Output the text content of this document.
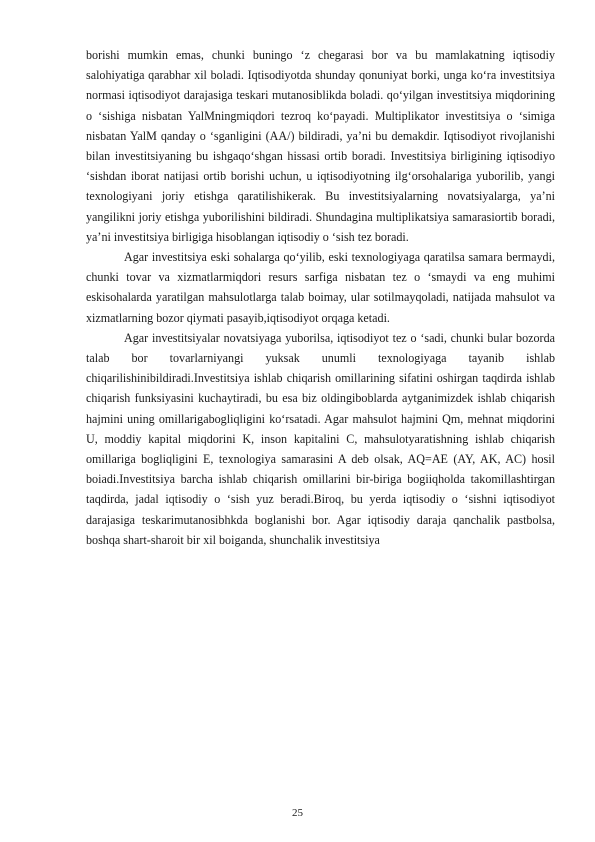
borishi mumkin emas, chunki buningo ‘z chegarasi bor va bu mamlakatning iqtisodiy salohiyatiga qarabhar xil boladi. Iqtisodiyotda shunday qonuniyat borki, unga ko‘ra investitsiya normasi iqtisodiyot darajasiga teskari mutanosiblikda boladi. qo‘yilgan investitsiya miqdorining o ‘sishiga nisbatan YalMningmiqdori tezroq ko‘payadi. Multiplikator investitsiya o ‘simiga nisbatan YalM qanday o ‘sganligini (AA/) bildiradi, ya’ni bu demakdir. Iqtisodiyot rivojlanishi bilan investitsiyaning bu ishgaqo‘shgan hissasi ortib boradi. Investitsiya birligining iqtisodiyo ‘sishdan iborat natijasi ortib borishi uchun, u iqtisodiyotning ilg‘orsohalariga yuborilib, yangi texnologiyani joriy etishga qaratilishikerak. Bu investitsiyalarning novatsiyalarga, ya’ni yangilikni joriy etishga yuborilishini bildiradi. Shundagina multiplikatsiya samarasiortib boradi, ya’ni investitsiya birligiga hisoblangan iqtisodiy o ‘sish tez boradi.

Agar investitsiya eski sohalarga qo‘yilib, eski texnologiyaga qaratilsa samara bermaydi, chunki tovar va xizmatlarmiqdori resurs sarfiga nisbatan tez o ‘smaydi va eng muhimi eskisohalarda yaratilgan mahsulotlarga talab boimay, ular sotilmayqoladi, natijada mahsulot va xizmatlarning bozor qiymati pasayib,iqtisodiyot orqaga ketadi.

Agar investitsiyalar novatsiyaga yuborilsa, iqtisodiyot tez o ‘sadi, chunki bular bozorda talab bor tovarlarniyangi yuksak unumli texnologiyaga tayanib ishlab chiqarilishinibildiradi.Investitsiya ishlab chiqarish omillarining sifatini oshirgan taqdirda ishlab chiqarish funksiyasini kuchaytiradi, bu esa biz oldingiboblarda aytganimizdek ishlab chiqarish hajmini uning omillarigabogliqligini ko‘rsatadi. Agar mahsulot hajmini Qm, mehnat miqdorini U, moddiy kapital miqdorini K, inson kapitalini C, mahsulotyaratishning ishlab chiqarish omillariga bogliqligini E, texnologiya samarasini A deb olsak, AQ=AE (AY, AK, AC) hosil boiadi.Investitsiya barcha ishlab chiqarish omillarini bir-biriga bogiiqholda takomillashtirgan taqdirda, jadal iqtisodiy o ‘sish yuz beradi.Biroq, bu yerda iqtisodiy o ‘sishni iqtisodiyot darajasiga teskarimutanosibhkda boglanishi bor. Agar iqtisodiy daraja qanchalik pastbolsa, boshqa shart-sharoit bir xil boiganda, shunchalik investitsiya

25
